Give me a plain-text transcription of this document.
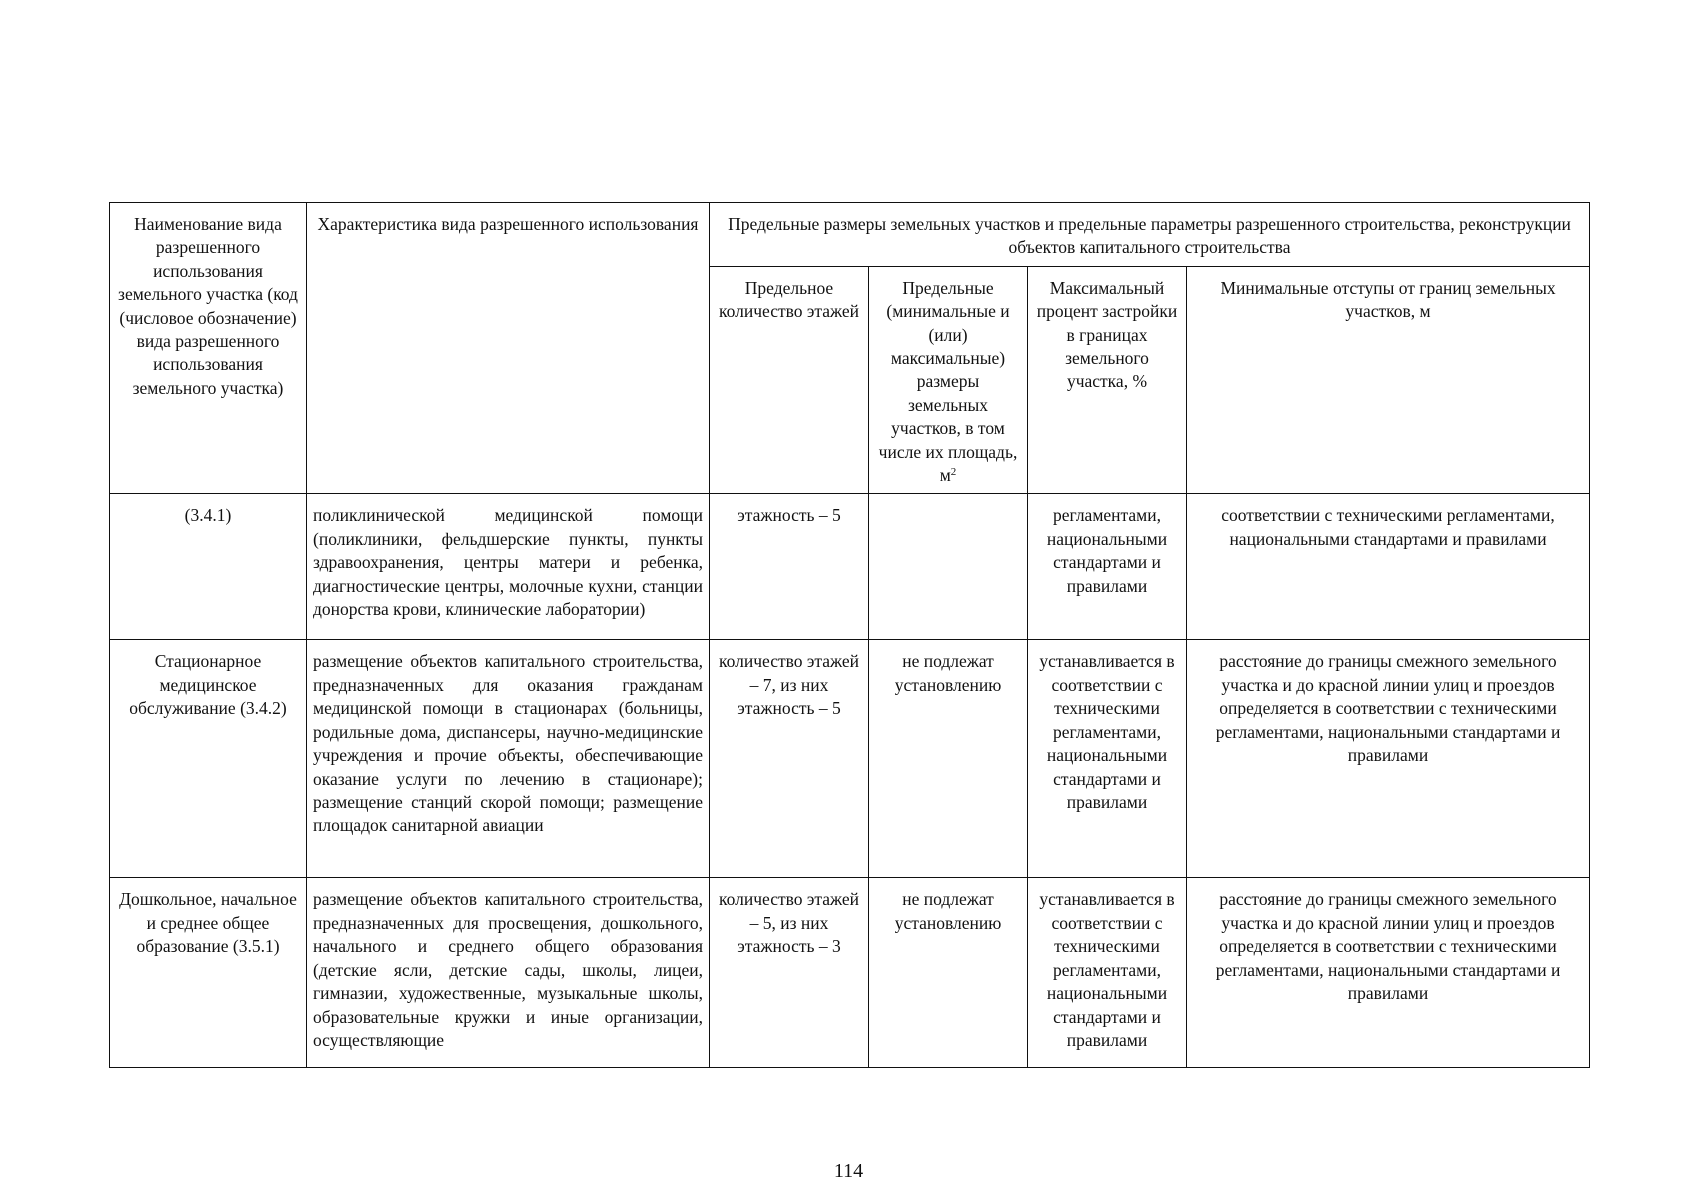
Наименование вида разрешенного использования земельного участка (код (числовое обозначение) вида разрешенного использования земельного участка)	Характеристика вида разрешенного использования	Предельные размеры земельных участков и предельные параметры разрешенного строительства, реконструкции объектов капитального строительства			
		Предельное количество этажей	Предельные (минимальные и (или) максимальные) размеры земельных участков, в том числе их площадь, $м^2$	Максимальный процент застройки в границах земельного участка, %	Минимальные отступы от границ земельных участков, м
(3.4.1)	поликлинической медицинской помощи (поликлиники, фельдшерские пункты, пункты здравоохранения, центры матери и ребенка, диагностические центры, молочные кухни, станции донорства крови, клинические лаборатории)	этажность – 5		регламентами, национальными стандартами и правилами	соответствии с техническими регламентами, национальными стандартами и правилами
Стационарное медицинское обслуживание (3.4.2)	размещение объектов капитального строительства, предназначенных для оказания гражданам медицинской помощи в стационарах (больницы, родильные дома, диспансеры, научно-медицинские учреждения и прочие объекты, обеспечивающие оказание услуги по лечению в стационаре); размещение станций скорой помощи; размещение площадок санитарной авиации	количество этажей – 7, из них этажность – 5	не подлежат установлению	устанавливается в соответствии с техническими регламентами, национальными стандартами и правилами	расстояние до границы смежного земельного участка и до красной линии улиц и проездов определяется в соответствии с техническими регламентами, национальными стандартами и правилами
Дошкольное, начальное и среднее общее образование (3.5.1)	размещение объектов капитального строительства, предназначенных для просвещения, дошкольного, начального и среднего общего образования (детские ясли, детские сады, школы, лицеи, гимназии, художественные, музыкальные школы, образовательные кружки и иные организации, осуществляющие	количество этажей – 5, из них этажность – 3	не подлежат установлению	устанавливается в соответствии с техническими регламентами, национальными стандартами и правилами	расстояние до границы смежного земельного участка и до красной линии улиц и проездов определяется в соответствии с техническими регламентами, национальными стандартами и правилами
114
